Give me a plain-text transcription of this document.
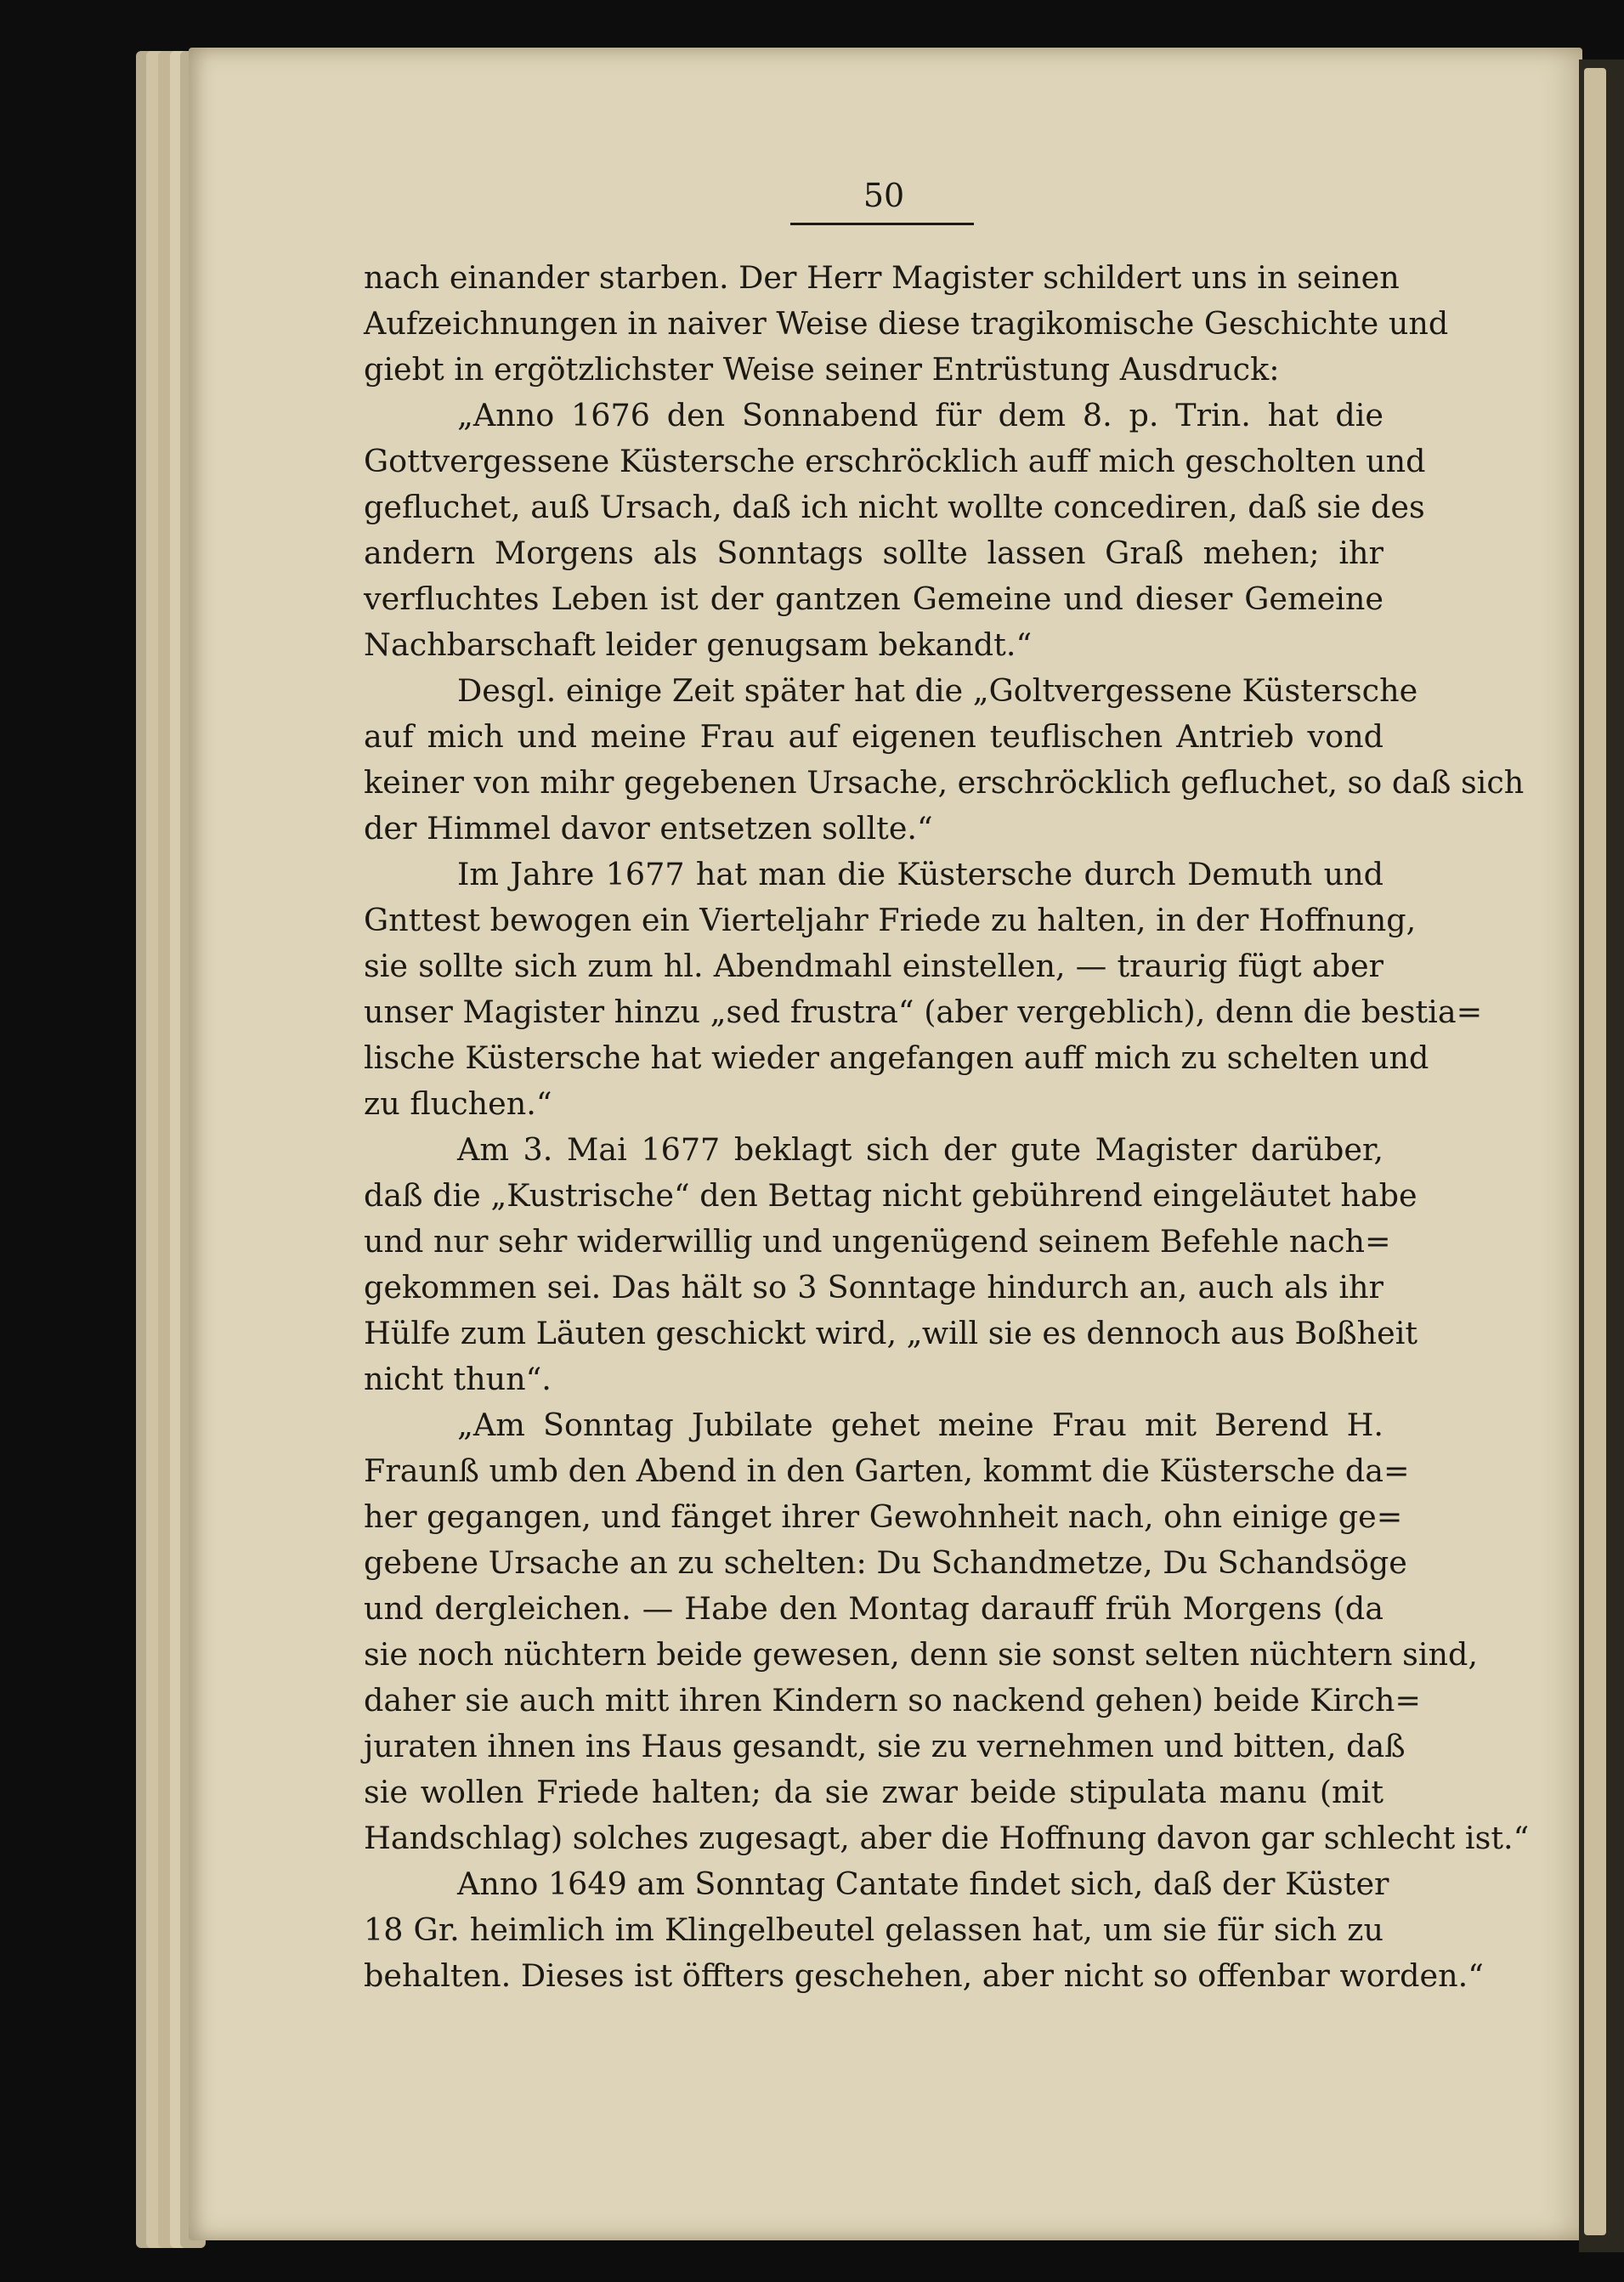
50
nach einander starben. Der Herr Magister schildert uns in seinen
Aufzeichnungen in naiver Weise diese tragikomische Geschichte und
giebt in ergötzlichster Weise seiner Entrüstung Ausdruck:
„Anno 1676 den Sonnabend für dem 8. p. Trin. hat die
Gottvergessene Küstersche erschröcklich auff mich gescholten und
gefluchet, auß Ursach, daß ich nicht wollte concediren, daß sie des
andern Morgens als Sonntags sollte lassen Graß mehen; ihr
verfluchtes Leben ist der gantzen Gemeine und dieser Gemeine
Nachbarschaft leider genugsam bekandt.“
Desgl. einige Zeit später hat die „Goltvergessene Küstersche
auf mich und meine Frau auf eigenen teuflischen Antrieb vond
keiner von mihr gegebenen Ursache, erschröcklich gefluchet, so daß sich
der Himmel davor entsetzen sollte.“
Im Jahre 1677 hat man die Küstersche durch Demuth und
Gnttest bewogen ein Vierteljahr Friede zu halten, in der Hoffnung,
sie sollte sich zum hl. Abendmahl einstellen, — traurig fügt aber
unser Magister hinzu „sed frustra“ (aber vergeblich), denn die bestia=
lische Küstersche hat wieder angefangen auff mich zu schelten und
zu fluchen.“
Am 3. Mai 1677 beklagt sich der gute Magister darüber,
daß die „Kustrische“ den Bettag nicht gebührend eingeläutet habe
und nur sehr widerwillig und ungenügend seinem Befehle nach=
gekommen sei. Das hält so 3 Sonntage hindurch an, auch als ihr
Hülfe zum Läuten geschickt wird, „will sie es dennoch aus Boßheit
nicht thun“.
„Am Sonntag Jubilate gehet meine Frau mit Berend H.
Fraunß umb den Abend in den Garten, kommt die Küstersche da=
her gegangen, und fänget ihrer Gewohnheit nach, ohn einige ge=
gebene Ursache an zu schelten: Du Schandmetze, Du Schandsöge
und dergleichen. — Habe den Montag darauff früh Morgens (da
sie noch nüchtern beide gewesen, denn sie sonst selten nüchtern sind,
daher sie auch mitt ihren Kindern so nackend gehen) beide Kirch=
juraten ihnen ins Haus gesandt, sie zu vernehmen und bitten, daß
sie wollen Friede halten; da sie zwar beide stipulata manu (mit
Handschlag) solches zugesagt, aber die Hoffnung davon gar schlecht ist.“
Anno 1649 am Sonntag Cantate findet sich, daß der Küster
18 Gr. heimlich im Klingelbeutel gelassen hat, um sie für sich zu
behalten. Dieses ist öffters geschehen, aber nicht so offenbar worden.“
